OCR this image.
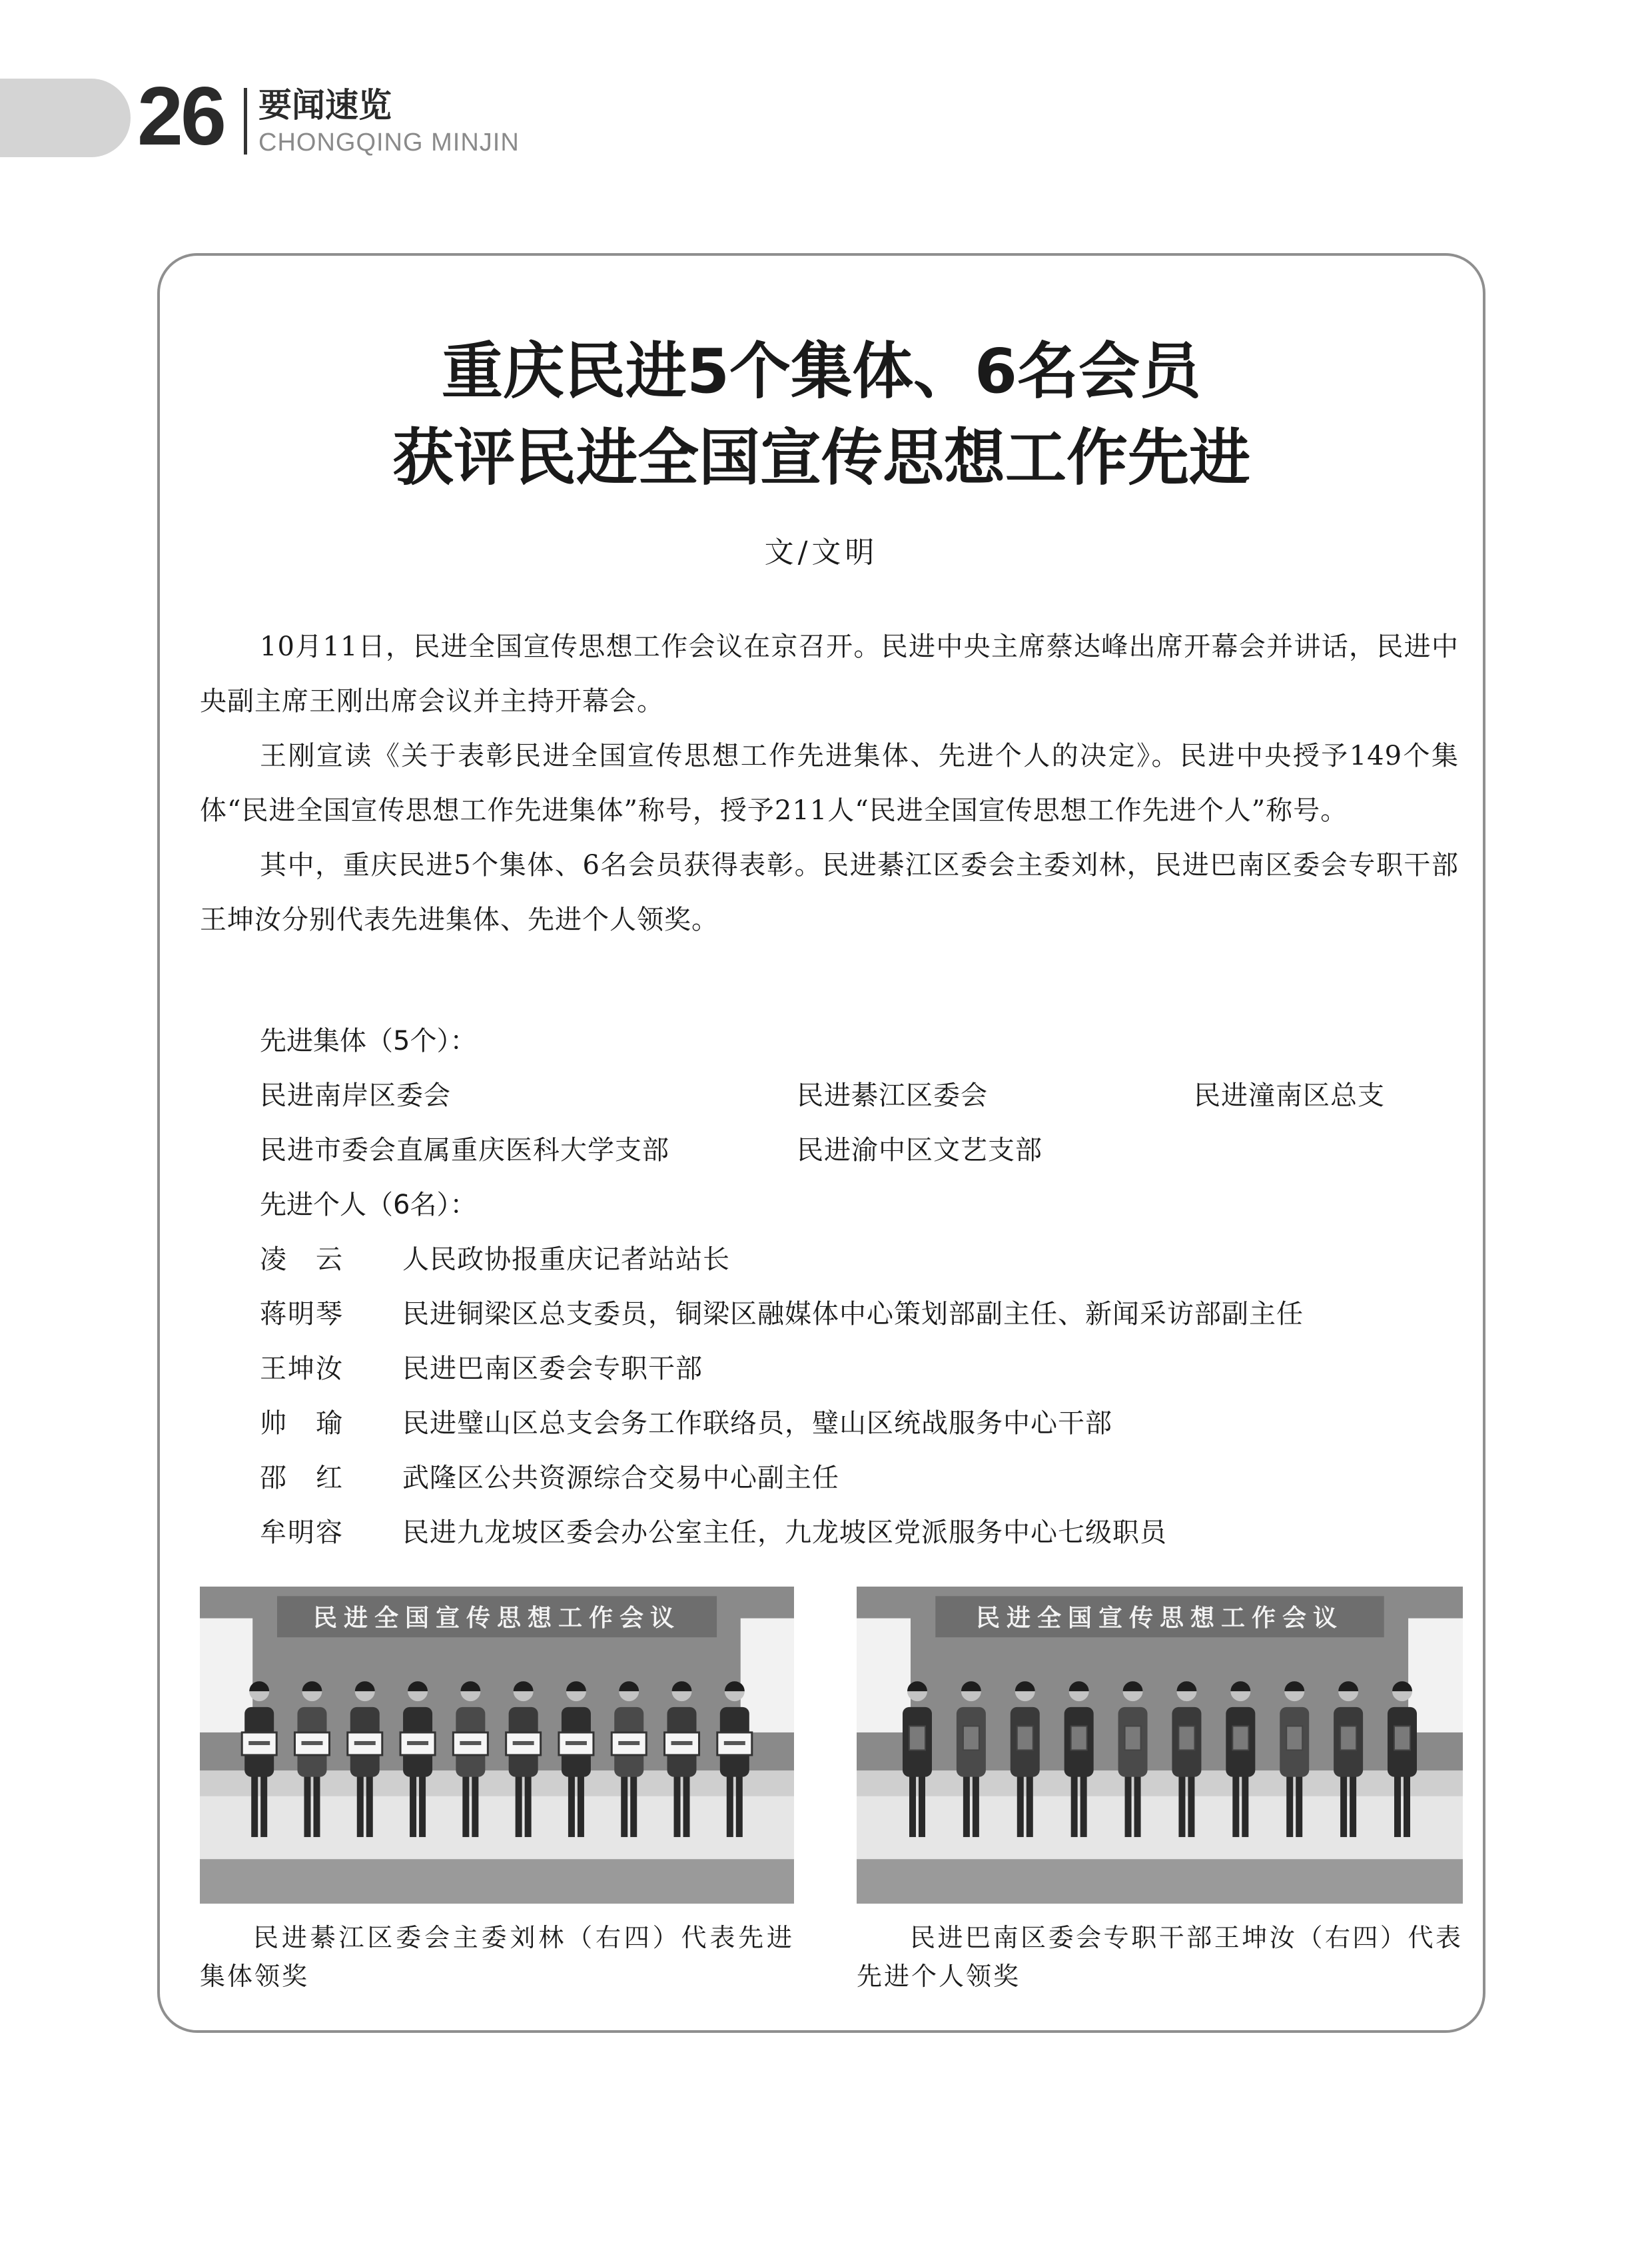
26 要闻速览
CHONGQING MINJIN
重庆民进5个集体、6名会员
获评民进全国宣传思想工作先进
文/文明

10月11日，民进全国宣传思想工作会议在京召开。民进中央主席蔡达峰出席开幕会并讲话，民进中央副主席王刚出席会议并主持开幕会。

王刚宣读《关于表彰民进全国宣传思想工作先进集体、先进个人的决定》。民进中央授予149个集体“民进全国宣传思想工作先进集体”称号，授予211人“民进全国宣传思想工作先进个人”称号。

其中，重庆民进5个集体、6名会员获得表彰。民进綦江区委会主委刘林，民进巴南区委会专职干部王坤汝分别代表先进集体、先进个人领奖。

先进集体（5个）：
民进南岸区委会	民进綦江区委会	民进潼南区总支
民进市委会直属重庆医科大学支部	民进渝中区文艺支部
先进个人（6名）：
凌　云	人民政协报重庆记者站站长
蒋明琴	民进铜梁区总支委员，铜梁区融媒体中心策划部副主任、新闻采访部副主任
王坤汝	民进巴南区委会专职干部
帅　瑜	民进璧山区总支会务工作联络员，璧山区统战服务中心干部
邵　红	武隆区公共资源综合交易中心副主任
牟明容	民进九龙坡区委会办公室主任，九龙坡区党派服务中心七级职员
民进全国宣传思想工作会议	民进全国宣传思想工作会议

民进綦江区委会主委刘林（右四）代表先进集体领奖

民进巴南区委会专职干部王坤汝（右四）代表先进个人领奖
